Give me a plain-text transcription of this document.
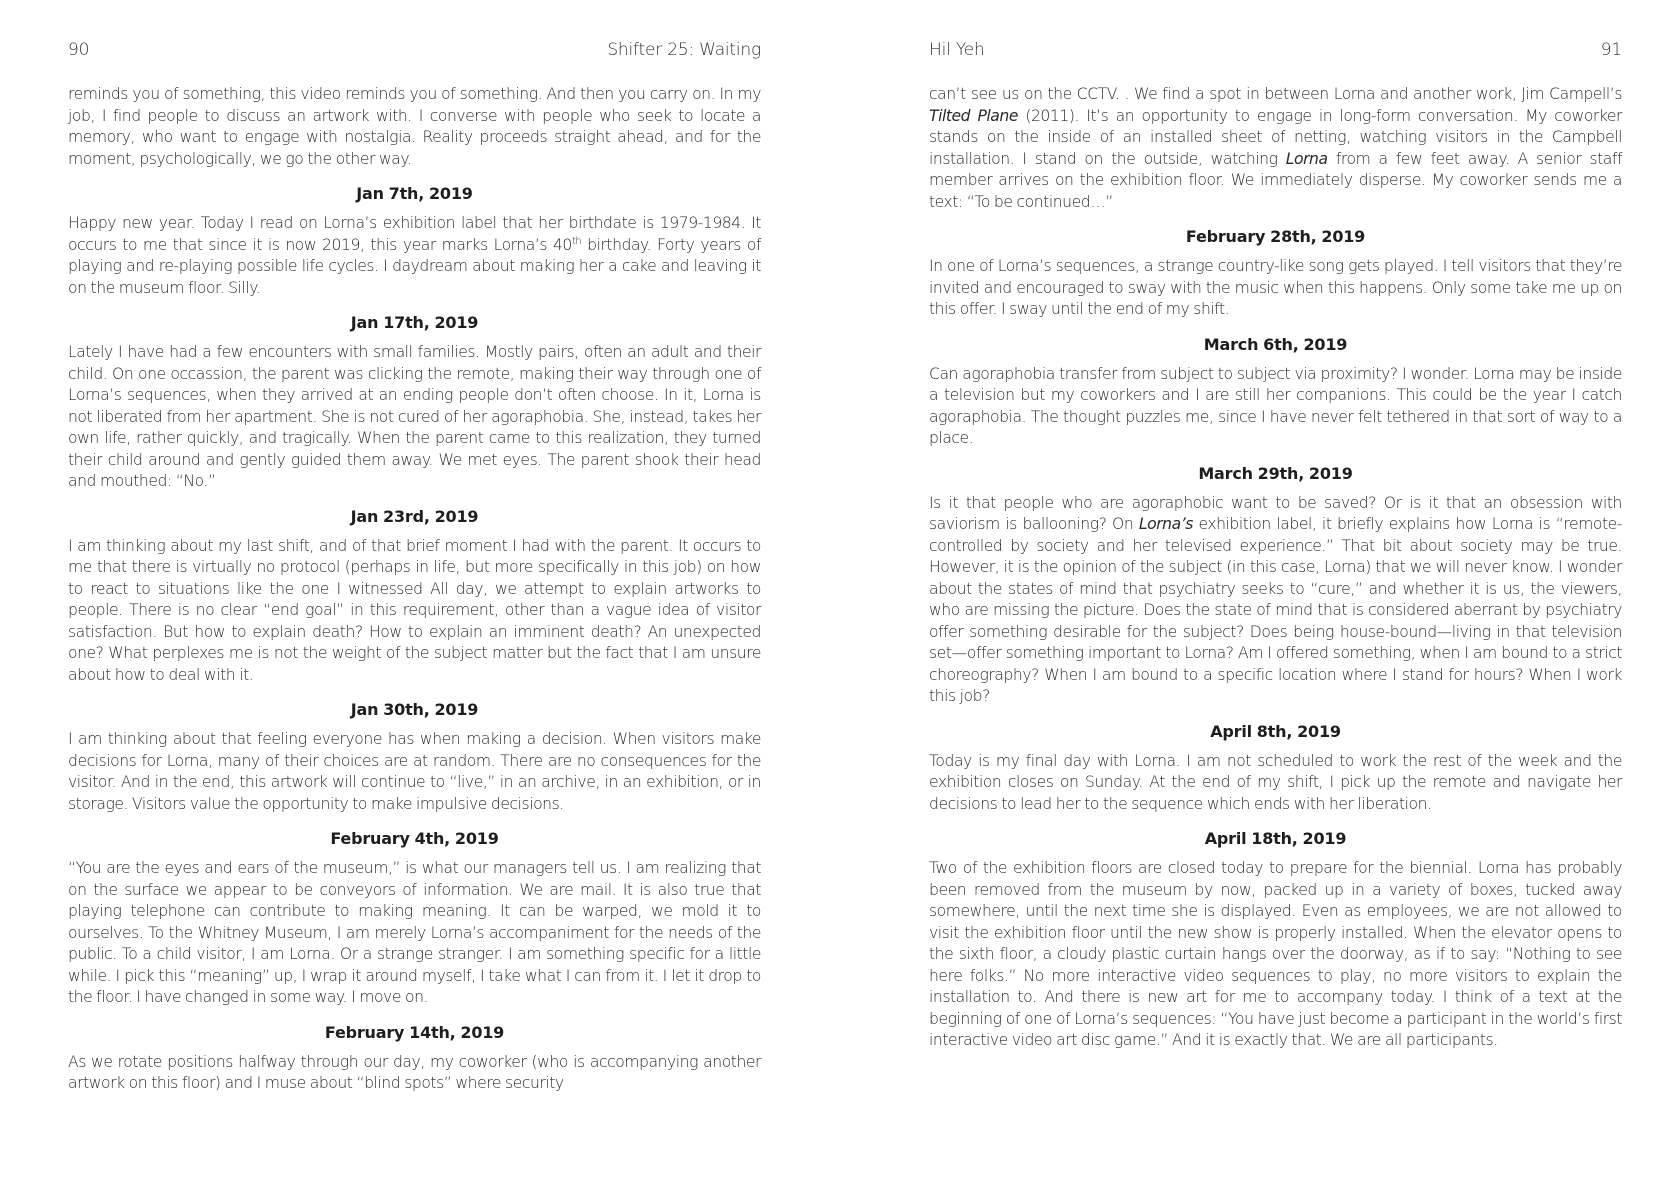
90	Shifter 25: Waiting

reminds you of something, this video reminds you of something. And then you carry on. In my job, I find people to discuss an artwork with. I converse with people who seek to locate a memory, who want to engage with nostalgia. Reality proceeds straight ahead, and for the moment, psychologically, we go the other way.

Jan 7th, 2019

Happy new year. Today I read on Lorna’s exhibition label that her birthdate is 1979-1984. It occurs to me that since it is now 2019, this year marks Lorna’s 40th birthday. Forty years of playing and re-playing possible life cycles. I daydream about making her a cake and leaving it on the museum floor. Silly.

Jan 17th, 2019

Lately I have had a few encounters with small families. Mostly pairs, often an adult and their child. On one occassion, the parent was clicking the remote, making their way through one of Lorna’s sequences, when they arrived at an ending people don’t often choose. In it, Lorna is not liberated from her apartment. She is not cured of her agoraphobia. She, instead, takes her own life, rather quickly, and tragically. When the parent came to this realization, they turned their child around and gently guided them away. We met eyes. The parent shook their head and mouthed: “No.”

Jan 23rd, 2019

I am thinking about my last shift, and of that brief moment I had with the parent. It occurs to me that there is virtually no protocol (perhaps in life, but more specifically in this job) on how to react to situations like the one I witnessed All day, we attempt to explain artworks to people. There is no clear “end goal” in this requirement, other than a vague idea of visitor satisfaction. But how to explain death? How to explain an imminent death? An unexpected one? What perplexes me is not the weight of the subject matter but the fact that I am unsure about how to deal with it.

Jan 30th, 2019

I am thinking about that feeling everyone has when making a decision. When visitors make decisions for Lorna, many of their choices are at random. There are no consequences for the visitor. And in the end, this artwork will continue to “live,” in an archive, in an exhibition, or in storage. Visitors value the opportunity to make impulsive decisions.

February 4th, 2019

“You are the eyes and ears of the museum,” is what our managers tell us. I am realizing that on the surface we appear to be conveyors of information. We are mail. It is also true that playing telephone can contribute to making meaning. It can be warped, we mold it to ourselves. To the Whitney Museum, I am merely Lorna’s accompaniment for the needs of the public. To a child visitor, I am Lorna. Or a strange stranger. I am something specific for a little while. I pick this “meaning” up, I wrap it around myself, I take what I can from it. I let it drop to the floor. I have changed in some way. I move on.

February 14th, 2019

As we rotate positions halfway through our day, my coworker (who is accompanying another artwork on this floor) and I muse about “blind spots” where security

Hil Yeh	91

can’t see us on the CCTV. . We find a spot in between Lorna and another work, Jim Campell’s Tilted Plane (2011). It’s an opportunity to engage in long-form conversation. My coworker stands on the inside of an installed sheet of netting, watching visitors in the Campbell installation. I stand on the outside, watching Lorna from a few feet away. A senior staff member arrives on the exhibition floor. We immediately disperse. My coworker sends me a text: “To be continued…”

February 28th, 2019

In one of Lorna’s sequences, a strange country-like song gets played. I tell visitors that they’re invited and encouraged to sway with the music when this happens. Only some take me up on this offer. I sway until the end of my shift.

March 6th, 2019

Can agoraphobia transfer from subject to subject via proximity? I wonder. Lorna may be inside a television but my coworkers and I are still her companions. This could be the year I catch agoraphobia. The thought puzzles me, since I have never felt tethered in that sort of way to a place.

March 29th, 2019

Is it that people who are agoraphobic want to be saved? Or is it that an obsession with saviorism is ballooning? On Lorna’s exhibition label, it briefly explains how Lorna is “remote-controlled by society and her televised experience.” That bit about society may be true. However, it is the opinion of the subject (in this case, Lorna) that we will never know. I wonder about the states of mind that psychiatry seeks to “cure,” and whether it is us, the viewers, who are missing the picture. Does the state of mind that is considered aberrant by psychiatry offer something desirable for the subject? Does being house-bound—living in that television set—offer something important to Lorna? Am I offered something, when I am bound to a strict choreography? When I am bound to a specific location where I stand for hours? When I work this job?

April 8th, 2019

Today is my final day with Lorna. I am not scheduled to work the rest of the week and the exhibition closes on Sunday. At the end of my shift, I pick up the remote and navigate her decisions to lead her to the sequence which ends with her liberation.

April 18th, 2019

Two of the exhibition floors are closed today to prepare for the biennial. Lorna has probably been removed from the museum by now, packed up in a variety of boxes, tucked away somewhere, until the next time she is displayed. Even as employees, we are not allowed to visit the exhibition floor until the new show is properly installed. When the elevator opens to the sixth floor, a cloudy plastic curtain hangs over the doorway, as if to say: “Nothing to see here folks.” No more interactive video sequences to play, no more visitors to explain the installation to. And there is new art for me to accompany today. I think of a text at the beginning of one of Lorna’s sequences: “You have just become a participant in the world’s first interactive video art disc game.” And it is exactly that. We are all participants.
